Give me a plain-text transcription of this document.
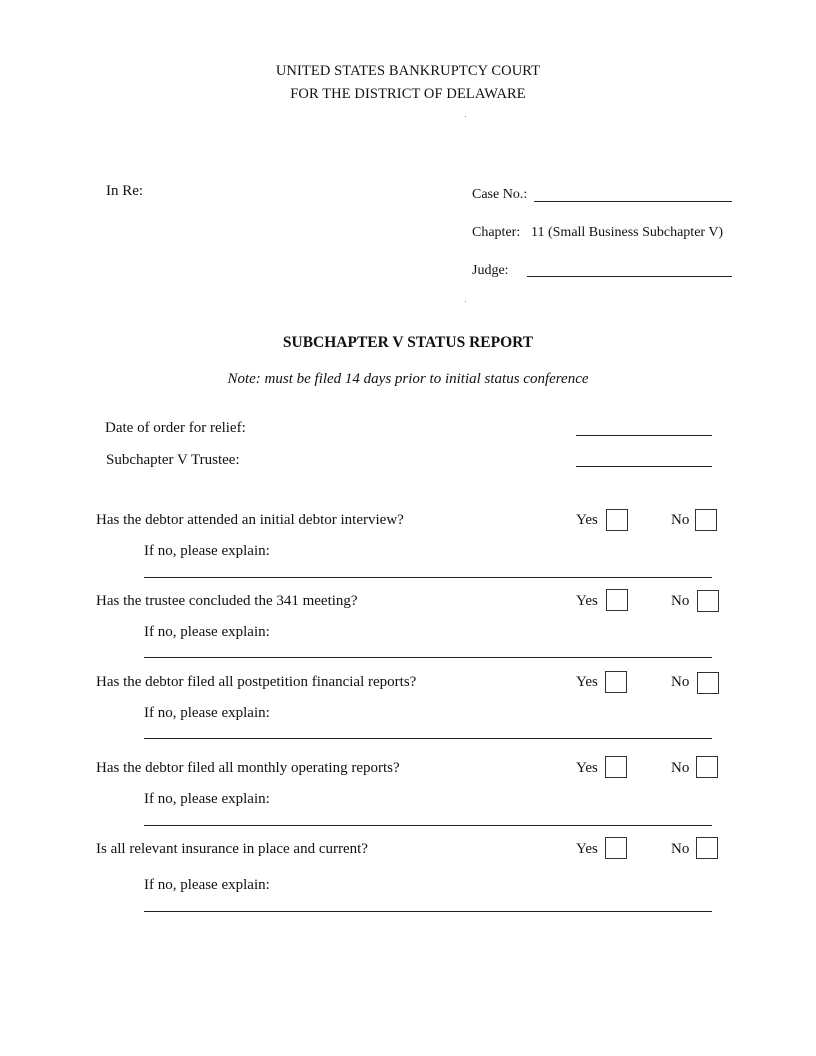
UNITED STATES BANKRUPTCY COURT
FOR THE DISTRICT OF DELAWARE
In Re:	Case No.:
Chapter: 11 (Small Business Subchapter V)
Judge:
SUBCHAPTER V STATUS REPORT
Note: must be filed 14 days prior to initial status conference
Date of order for relief:
Subchapter V Trustee:
Has the debtor attended an initial debtor interview?	Yes	No
If no, please explain:
Has the trustee concluded the 341 meeting?	Yes	No
If no, please explain:
Has the debtor filed all postpetition financial reports?	Yes	No
If no, please explain:
Has the debtor filed all monthly operating reports?	Yes	No
If no, please explain:
Is all relevant insurance in place and current?	Yes	No
If no, please explain:
